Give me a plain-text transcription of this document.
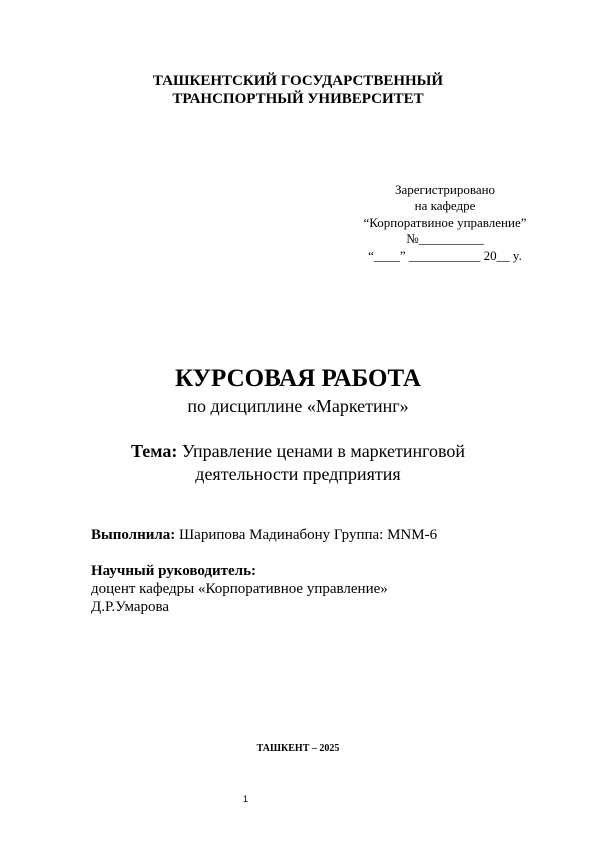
ТАШКЕНТСКИЙ ГОСУДАРСТВЕННЫЙ
ТРАНСПОРТНЫЙ УНИВЕРСИТЕТ
Зарегистрировано
на кафедре
“Корпоратвиное управление”
№__________
“____” ___________ 20__ y.
КУРСОВАЯ РАБОТА
по дисциплине «Маркетинг»
Тема: Управление ценами в маркетинговой
деятельности предприятия
Выполнила: Шарипова Мадинабону Группа: MNM-6
Научный руководитель:
доцент кафедры «Корпоративное управление»
Д.Р.Умарова
ТАШКЕНТ – 2025
1
